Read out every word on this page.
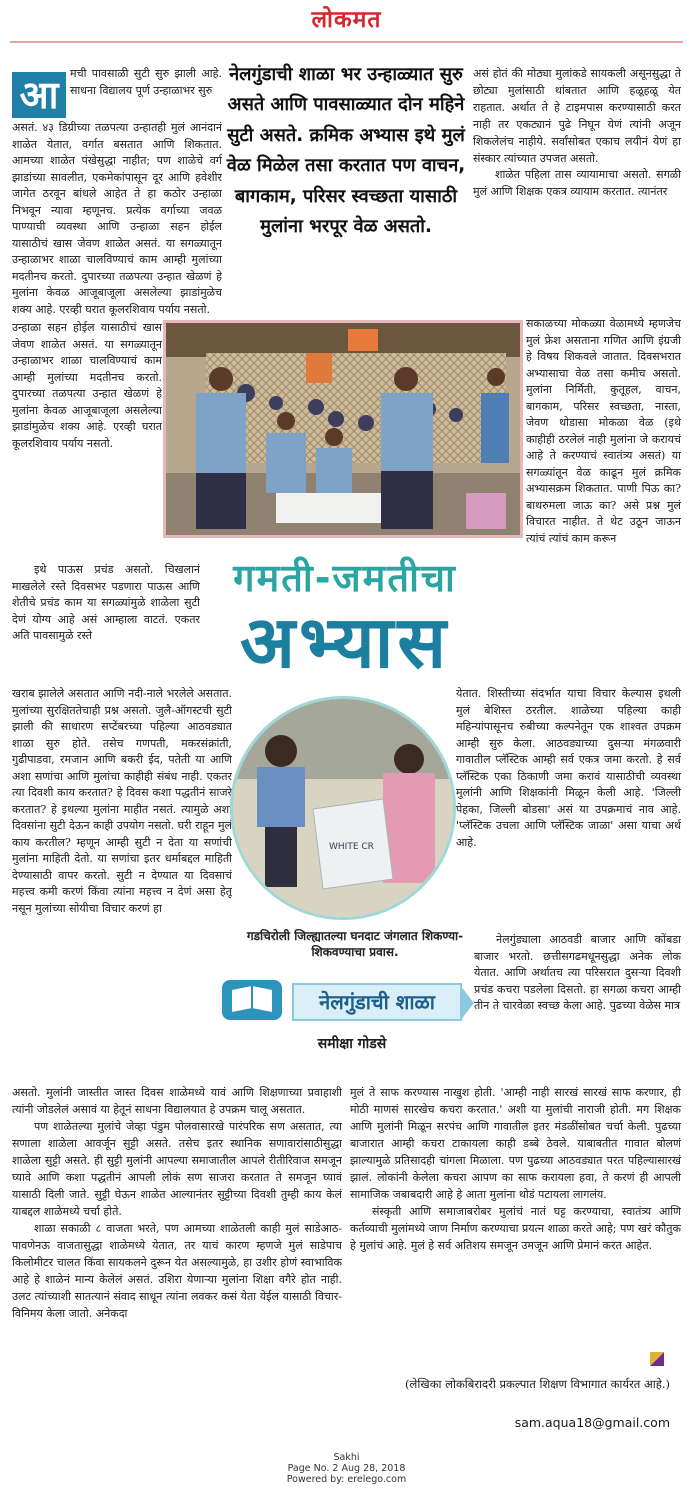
लोकमत
आ	मची पावसाळी सुटी सुरु झाली आहे. साधना विद्यालय पूर्ण उन्हाळाभर सुरु

असतं. ४३ डिग्रीच्या तळपत्या उन्हातही मुलं आनंदानं शाळेत येतात, वर्गात बसतात आणि शिकतात. आमच्या शाळेत पंखेसुद्धा नाहीत; पण शाळेचे वर्ग झाडांच्या सावलीत, एकमेकांपासून दूर आणि हवेशीर जागेत ठरवून बांधले आहेत ते हा कठोर उन्हाळा निभवून न्यावा म्हणूनच. प्रत्येक वर्गाच्या जवळ पाण्याची व्यवस्था आणि उन्हाळा सहन होईल यासाठीचं खास जेवण शाळेत असतं. या सगळ्यातून उन्हाळाभर शाळा चालविण्याचं काम आम्ही मुलांच्या मदतीनच करतो. दुपारच्या तळपत्या उन्हात खेळणं हे मुलांना केवळ आजूबाजूला असलेल्या झाडांमुळेच शक्य आहे. एरव्ही घरात कूलरशिवाय पर्याय नसतो.

उन्हाळा सहन होईल यासाठीचं खास जेवण शाळेत असतं. या सगळ्यातून उन्हाळाभर शाळा चालविण्याचं काम आम्ही मुलांच्या मदतीनच करतो. दुपारच्या तळपत्या उन्हात खेळणं हे मुलांना केवळ आजूबाजूला असलेल्या झाडांमुळेच शक्य आहे. एरव्ही घरात कूलरशिवाय पर्याय नसतो.

नेलगुंडाची शाळा भर उन्हाळ्यात सुरु असते आणि पावसाळ्यात दोन महिने सुटी असते. क्रमिक अभ्यास इथे मुलं वेळ मिळेल तसा करतात पण वाचन, बागकाम, परिसर स्वच्छता यासाठी मुलांना भरपूर वेळ असतो.

असं होतं की मोठ्या मुलांकडे सायकली असूनसुद्धा ते छोट्या मुलांसाठी थांबतात आणि हळूहळू येत राहतात. अर्थात ते हे टाइमपास करण्यासाठी करत नाही तर एकट्यानं पुढे निघून येणं त्यांनी अजून शिकलेलंच नाहीये. सर्वांसोबत एकाच लयीनं येणं हा संस्कार त्यांच्यात उपजत असतो.

शाळेत पहिला तास व्यायामाचा असतो. सगळी मुलं आणि शिक्षक एकत्र व्यायाम करतात. त्यानंतर

इथे पाऊस प्रचंड असतो. चिखलानं माखलेले रस्ते दिवसभर पडणारा पाऊस आणि शेतीचे प्रचंड काम या सगळ्यांमुळे शाळेला सुटी देणं योग्य आहे असं आम्हाला वाटतं. एकतर अति पावसामुळे रस्ते

सकाळच्या मोकळ्या वेळामध्ये म्हणजेच मुलं फ्रेश असताना गणित आणि इंग्रजी हे विषय शिकवले जातात. दिवसभरात अभ्यासाचा वेळ तसा कमीच असतो. मुलांना निर्मिती, कुतूहल, वाचन, बागकाम, परिसर स्वच्छता, नास्ता, जेवण थोडासा मोकळा वेळ (इथे काहीही ठरलेलं नाही मुलांना जे करायचं आहे ते करण्याचं स्वातंत्र्य असतं) या सगळ्यांतून वेळ काढून मुलं क्रमिक अभ्यासक्रम शिकतात. पाणी पिऊ का? बाथरुमला जाऊ का? असे प्रश्न मुलं विचारत नाहीत. ते थेट उठून जाऊन त्यांचं त्यांचं काम करून

गमती-जमतीचा
अभ्यास

खराब झालेले असतात आणि नदी-नाले भरलेले असतात. मुलांच्या सुरक्षिततेचाही प्रश्न असतो. जुलै-ऑगस्टची सुटी झाली की साधारण सप्टेंबरच्या पहिल्या आठवड्यात शाळा सुरु होते. तसेच गणपती, मकरसंक्रांती, गुढीपाडवा, रमजान आणि बकरी ईद, पतेती या आणि अशा सणांचा आणि मुलांचा काहीही संबंध नाही. एकतर त्या दिवशी काय करतात? हे दिवस कशा पद्धतीनं साजरे करतात? हे इथल्या मुलांना माहीत नसतं. त्यामुळे अशा दिवसांना सुटी देऊन काही उपयोग नसतो. घरी राहून मुलं काय करतील? म्हणून आम्ही सुटी न देता या सणांची मुलांना माहिती देतो. या सणांचा इतर धर्माबद्दल माहिती देण्यासाठी वापर करतो. सुटी न देण्यात या दिवसाचं महत्त्व कमी करणं किंवा त्यांना महत्त्व न देणं असा हेतू नसून मुलांच्या सोयीचा विचार करणं हा

WHITE CR

येतात. शिस्तीच्या संदर्भात याचा विचार केल्यास इथली मुलं बेशिस्त ठरतील. शाळेच्या पहिल्या काही महिन्यांपासूनच रुबीच्या कल्पनेतून एक शाश्वत उपक्रम आम्ही सुरु केला. आठवड्याच्या दुसऱ्या मंगळवारी गावातील प्लॅस्टिक आम्ही सर्व एकत्र जमा करतो. हे सर्व प्लॅस्टिक एका ठिकाणी जमा करावं यासाठीची व्यवस्था मुलांनी आणि शिक्षकांनी मिळून केली आहे. 'जिल्ली पेहका, जिल्ली बोडसा' असं या उपक्रमाचं नाव आहे. 'प्लॅस्टिक उचला आणि प्लॅस्टिक जाळा' असा याचा अर्थ आहे.

गडचिरोली जिल्ह्यातल्या घनदाट जंगलात शिकण्या-शिकवण्याचा प्रवास.
नेलगुंडाची शाळा
समीक्षा गोडसे

नेलगुंड्याला आठवडी बाजार आणि कोंबडा बाजार भरतो. छत्तीसगढमधूनसुद्धा अनेक लोक येतात. आणि अर्थातच त्या परिसरात दुसऱ्या दिवशी प्रचंड कचरा पडलेला दिसतो. हा सगळा कचरा आम्ही तीन ते चारवेळा स्वच्छ केला आहे. पुढच्या वेळेस मात्र

असतो. मुलांनी जास्तीत जास्त दिवस शाळेमध्ये यावं आणि शिक्षणाच्या प्रवाहाशी त्यांनी जोडलेलं असावं या हेतूनं साधना विद्यालयात हे उपक्रम चालू असतात.

पण शाळेतल्या मुलांचे जेव्हा पंडुम पोलवासारखे पारंपरिक सण असतात, त्या सणाला शाळेला आवर्जून सुट्टी असते. तसेच इतर स्थानिक सणावारांसाठीसुद्धा शाळेला सुट्टी असते. ही सुट्टी मुलांनी आपल्या समाजातील आपले रीतीरिवाज समजून घ्यावे आणि कशा पद्धतीनं आपली लोकं सण साजरा करतात ते समजून घ्यावं यासाठी दिली जाते. सुट्टी घेऊन शाळेत आल्यानंतर सुट्टीच्या दिवशी तुम्ही काय केलं याबद्दल शाळेमध्ये चर्चा होते.

शाळा सकाळी ८ वाजता भरते, पण आमच्या शाळेतली काही मुलं साडेआठ-पावणेनऊ वाजतासुद्धा शाळेमध्ये येतात, तर याचं कारण म्हणजे मुलं साडेपाच किलोमीटर चालत किंवा सायकलने दुरून येत असल्यामुळे, हा उशीर होणं स्वाभाविक आहे हे शाळेनं मान्य केलेलं असतं. उशिरा येणाऱ्या मुलांना शिक्षा वगैरे होत नाही. उलट त्यांच्याशी सातत्यानं संवाद साधून त्यांना लवकर कसं येता येईल यासाठी विचार-विनिमय केला जातो. अनेकदा

मुलं ते साफ करण्यास नाखुश होती. 'आम्ही नाही सारखं सारखं साफ करणार, ही मोठी माणसं सारखेच कचरा करतात.' अशी या मुलांची नाराजी होती. मग शिक्षक आणि मुलांनी मिळून सरपंच आणि गावातील इतर मंडळींसोबत चर्चा केली. पुढच्या बाजारात आम्ही कचरा टाकायला काही डब्बे ठेवले. याबाबतीत गावात बोलणं झाल्यामुळे प्रतिसादही चांगला मिळाला. पण पुढच्या आठवड्यात परत पहिल्यासारखं झालं. लोकांनी केलेला कचरा आपण का साफ करायला हवा, ते करणं ही आपली सामाजिक जबाबदारी आहे हे आता मुलांना थोडं पटायला लागलंय.

संस्कृती आणि समाजाबरोबर मुलांचं नातं घट्ट करण्याचा, स्वातंत्र्य आणि कर्तव्याची मुलांमध्ये जाण निर्माण करण्याचा प्रयत्न शाळा करते आहे; पण खरं कौतुक हे मुलांचं आहे. मुलं हे सर्व अतिशय समजून उमजून आणि प्रेमानं करत आहेत.

(लेखिका लोकबिरादरी प्रकल्पात शिक्षण विभागात कार्यरत आहे.)
sam.aqua18@gmail.com
Sakhi
Page No. 2 Aug 28, 2018
Powered by: erelego.com
